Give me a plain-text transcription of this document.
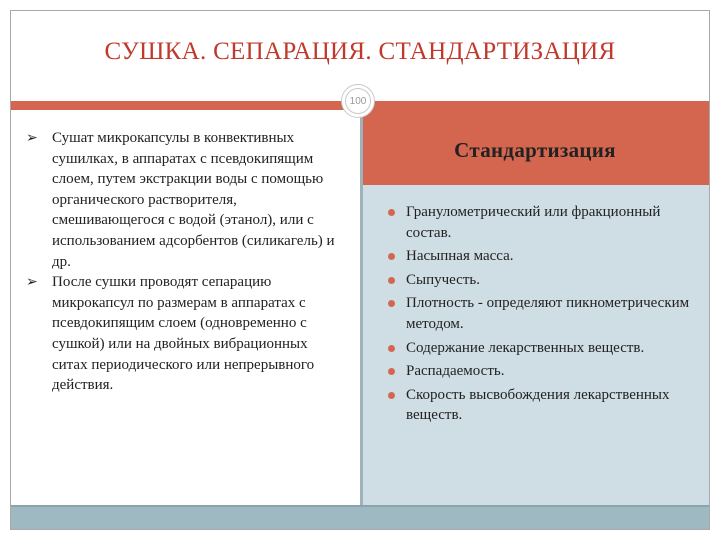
СУШКА. СЕПАРАЦИЯ. СТАНДАРТИЗАЦИЯ
100
➢ Сушат микрокапсулы в конвективных сушилках, в аппаратах с псевдокипящим слоем, путем экстракции воды с помощью органического растворителя, смешивающегося с водой (этанол), или с использованием адсорбентов (силикагель) и др.
➢ После сушки проводят сепарацию микрокапсул по размерам в аппаратах с псевдокипящим слоем (одновременно с сушкой) или на двойных вибрационных ситах периодического или непрерывного действия.
Стандартизация
Гранулометрический или фракционный состав.
Насыпная масса.
Сыпучесть.
Плотность - определяют пикнометрическим методом.
Содержание лекарственных веществ.
Распадаемость.
Скорость высвобождения лекарственных веществ.
